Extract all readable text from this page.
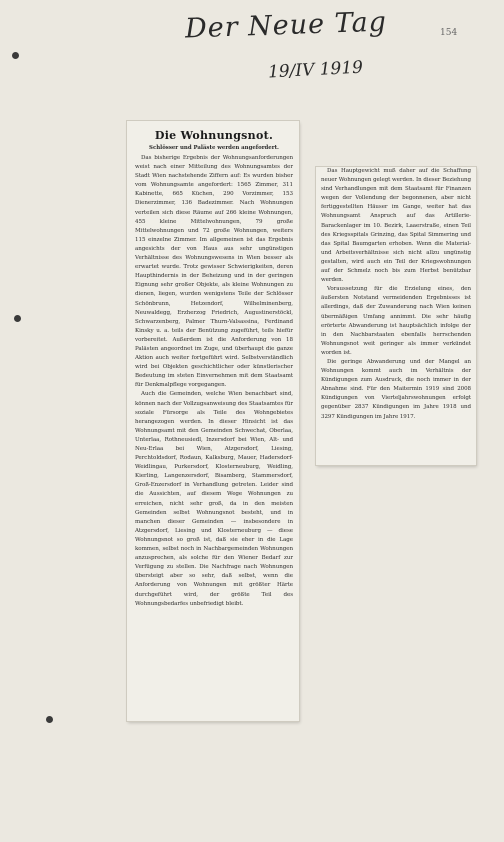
Der Neue Tag
19/IV 1919
154
Die Wohnungsnot.
Schlösser und Paläste werden angefordert.

Das bisherige Ergebnis der Wohnungsanforderungen weist nach einer Mitteilung des Wohnungsamtes der Stadt Wien nachstehende Ziffern auf: Es wurden bisher vom Wohnungsamte angefordert: 1565 Zimmer, 311 Kabinette, 665 Küchen, 290 Vorzimmer, 153 Dienerzimmer, 136 Badezimmer. Nach Wohnungen verteilen sich diese Räume auf 266 kleine Wohnungen, 455 kleine Mittelwohnungen, 79 große Mittelwohnungen und 72 große Wohnungen, weiters 115 einzelne Zimmer. Im allgemeinen ist das Ergebnis angesichts der von Haus aus sehr ungünstigen Verhältnisse des Wohnungswesens in Wien besser als erwartet wurde. Trotz gewisser Schwierigkeiten, deren Haupthindernis in der Beheizung und in der geringen Eignung sehr großer Objekte, als kleine Wohnungen zu dienen, liegen, wurden wenigstens Teile der Schlösser Schönbrunn, Hetzendorf, Wilhelminenberg, Neuwaldegg, Erzherzog Friedrich, Augustinerstöckl, Schwarzenberg, Palmer Thurn-Valsassina, Ferdinand Kinsky u. a. teils der Benützung zugeführt, teils hiefür vorbereitet. Außerdem ist die Anforderung von 18 Palästen angeordnet im Zuge, und überhaupt die ganze Aktion auch weiter fortgeführt wird. Selbstverständlich wird bei Objekten geschichtlicher oder künstlerischer Bedeutung im steten Einvernehmen mit dem Staatsamt für Denkmalpflege vorgegangen.

Auch die Gemeinden, welche Wien benachbart sind, können nach der Vollzugsanweisung des Staatsamtes für soziale Fürsorge als Teile des Wohngebietes herangezogen werden. In dieser Hinsicht ist das Wohnungsamt mit den Gemeinden Schwechat, Oberlaa, Unterlaa, Rothneusiedl, Inzersdorf bei Wien, Alt- und Neu-Erlaa bei Wien, Atzgersdorf, Liesing, Perchtoldsdorf, Rodaun, Kalksburg, Mauer, Hadersdorf-Weidlingau, Purkersdorf, Klosterneuburg, Weidling, Kierling, Langenzersdorf, Bisamberg, Stammersdorf, Groß-Enzersdorf in Verhandlung getreten. Leider sind die Aussichten, auf diesem Wege Wohnungen zu erreichen, nicht sehr groß, da in den meisten Gemeinden selbst Wohnungsnot besteht, und in manchen dieser Gemeinden — insbesondere in Atzgersdorf, Liesing und Klosterneuburg — diese Wohnungsnot so groß ist, daß sie eher in die Lage kommen, selbst noch in Nachbargemeinden Wohnungen anzusprechen, als solche für den Wiener Bedarf zur Verfügung zu stellen. Die Nachfrage nach Wohnungen übersteigt aber so sehr, daß selbst, wenn die Anforderung von Wohnungen mit größter Härte durchgeführt wird, der größte Teil des Wohnungsbedarfes unbefriedigt bleibt.

Das Hauptgewicht muß daher auf die Schaffung neuer Wohnungen gelegt werden. In dieser Beziehung sind Verhandlungen mit dem Staatsamt für Finanzen wegen der Vollendung der begonnenen, aber nicht fertiggestellten Häuser im Gange, weiter hat das Wohnungsamt Anspruch auf das Artillerie-Barackenlager im 10. Bezirk, Laaerstraße, einen Teil des Kriegsspitals Grinzing, das Spital Simmering und das Spital Baumgarten erhoben. Wenn die Material- und Arbeitsverhältnisse sich nicht allzu ungünstig gestalten, wird auch ein Teil der Kriegswohnungen auf der Schmelz noch bis zum Herbst benützbar werden.

Voraussetzung für die Erzielung eines, den äußersten Notstand vermeidenden Ergebnisses ist allerdings, daß der Zuwanderung nach Wien keinen übermäßigen Umfang annimmt. Die sehr häufig erörterte Abwanderung ist hauptsächlich infolge der in den Nachbarstaaten ebenfalls herrschenden Wohnungsnot weit geringer als immer verkündet worden ist.

Die geringe Abwanderung und der Mangel an Wohnungen kommt auch im Verhältnis der Kündigungen zum Ausdruck, die noch immer in der Abnahme sind. Für den Maitermin 1919 sind 2008 Kündigungen von Vierteljahrswohnungen erfolgt gegenüber 2837 Kündigungen im Jahre 1918 und 3297 Kündigungen im Jahre 1917.
